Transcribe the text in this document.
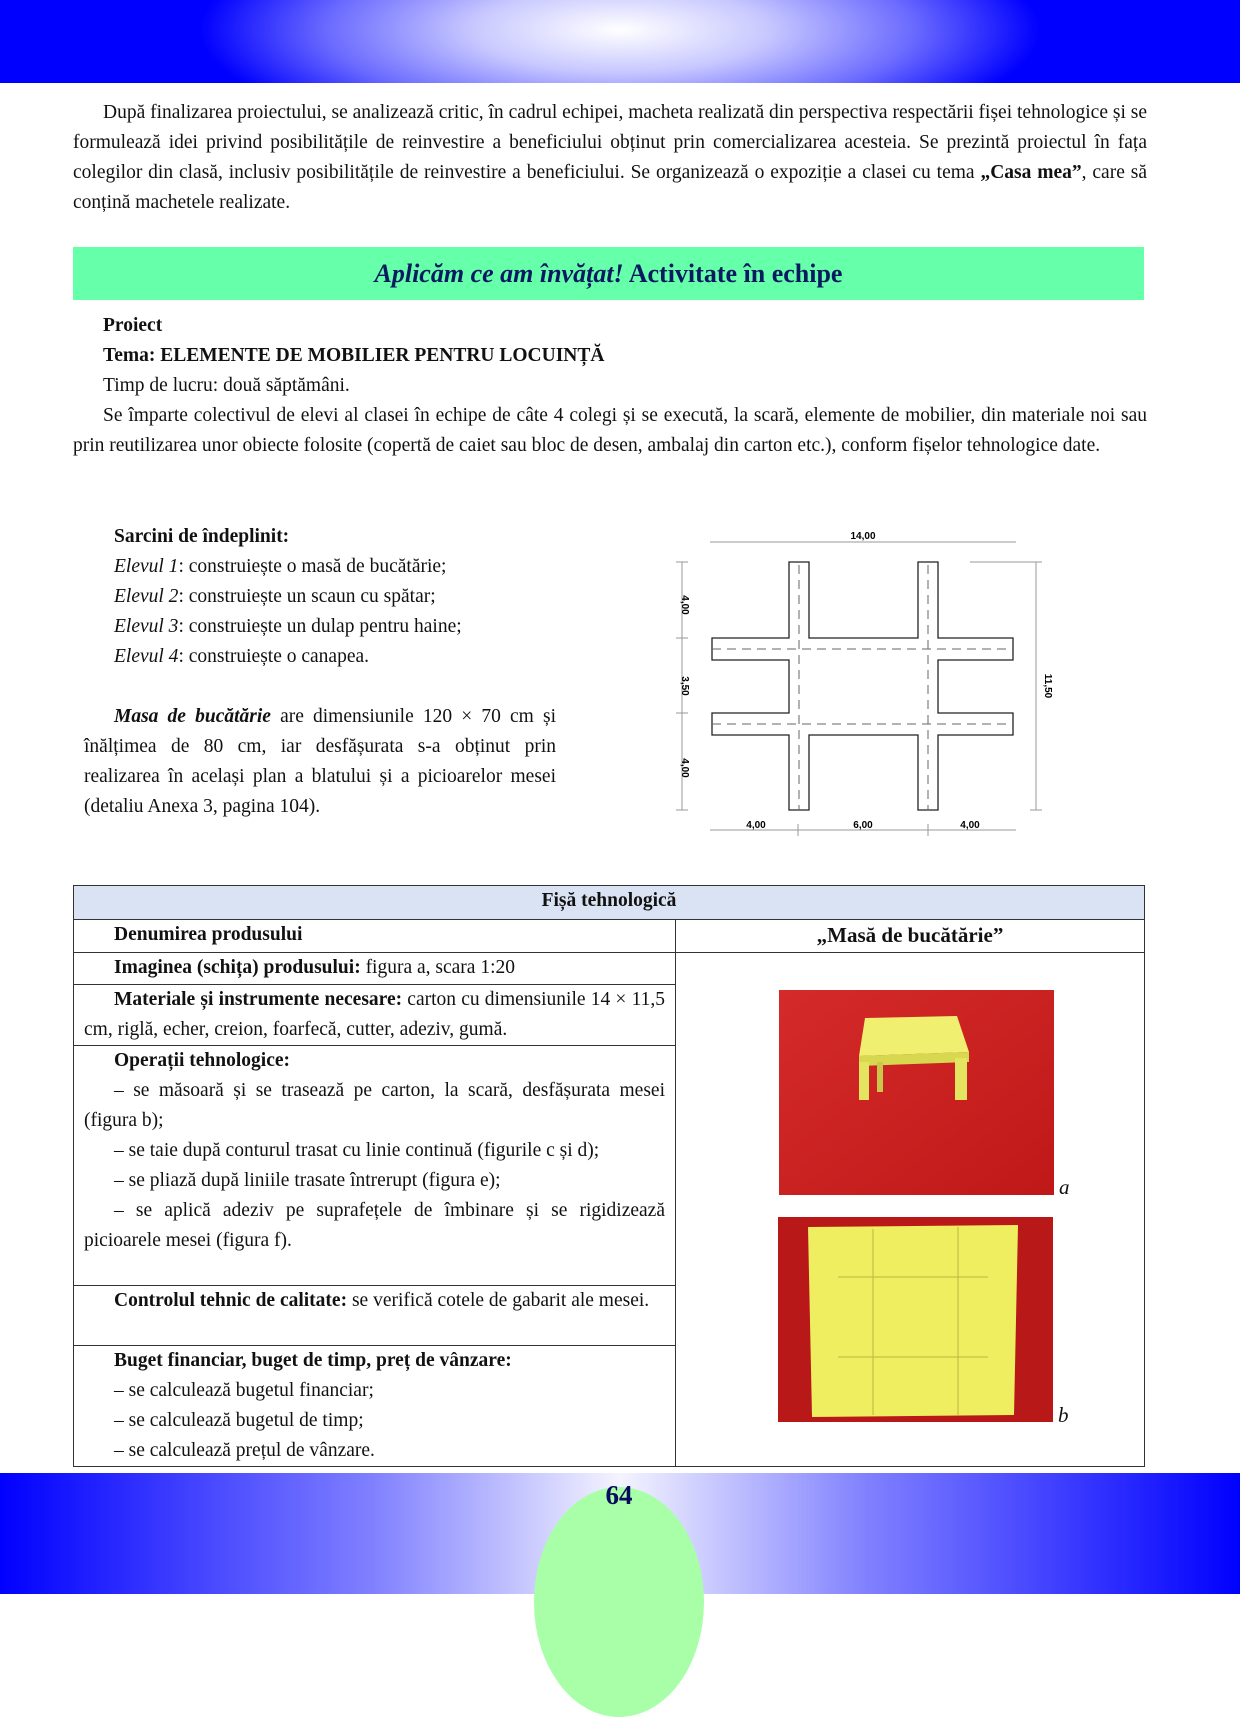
După finalizarea proiectului, se analizează critic, în cadrul echipei, macheta realizată din perspectiva respectării fișei tehnologice și se formulează idei privind posibilitățile de reinvestire a beneficiului obținut prin comercializarea acesteia. Se prezintă proiectul în fața colegilor din clasă, inclusiv posibilitățile de reinvestire a beneficiului. Se organizează o expoziție a clasei cu tema „Casa mea”, care să conțină machetele realizate.
Aplicăm ce am învățat! Activitate în echipe
Proiect
Tema: ELEMENTE DE MOBILIER PENTRU LOCUINȚĂ
Timp de lucru: două săptămâni.
Se împarte colectivul de elevi al clasei în echipe de câte 4 colegi și se execută, la scară, elemente de mobilier, din materiale noi sau prin reutilizarea unor obiecte folosite (copertă de caiet sau bloc de desen, ambalaj din carton etc.), conform fișelor tehnologice date.
Sarcini de îndeplinit:
Elevul 1: construiește o masă de bucătărie;
Elevul 2: construiește un scaun cu spătar;
Elevul 3: construiește un dulap pentru haine;
Elevul 4: construiește o canapea.
Masa de bucătărie are dimensiunile 120 × 70 cm și înălțimea de 80 cm, iar desfășurata s-a obținut prin realizarea în același plan a blatului și a picioarelor mesei (detaliu Anexa 3, pagina 104).
14,00
11,50
4,00
3,50
4,00
4,00	6,00	4,00
Fișă tehnologică	
Denumirea produsului	„Masă de bucătărie”
Imaginea (schița) produsului: figura a, scara 1:20	
Materiale și instrumente necesare: carton cu dimensiunile 14 × 11,5 cm, riglă, echer, creion, foarfecă, cutter, adeziv, gumă.	

Operații tehnologice:
– se măsoară și se trasează pe carton, la scară, desfășurata mesei (figura b);
– se taie după conturul trasat cu linie continuă (figurile c și d);
– se pliază după liniile trasate întrerupt (figura e);
– se aplică adeziv pe suprafețele de îmbinare și se rigidizează picioarele mesei (figura f).	

Controlul tehnic de calitate: se verifică cotele de gabarit ale mesei.	

Buget financiar, buget de timp, preț de vânzare:
– se calculează bugetul financiar;
– se calculează bugetul de timp;
– se calculează prețul de vânzare.	
a
b
64
